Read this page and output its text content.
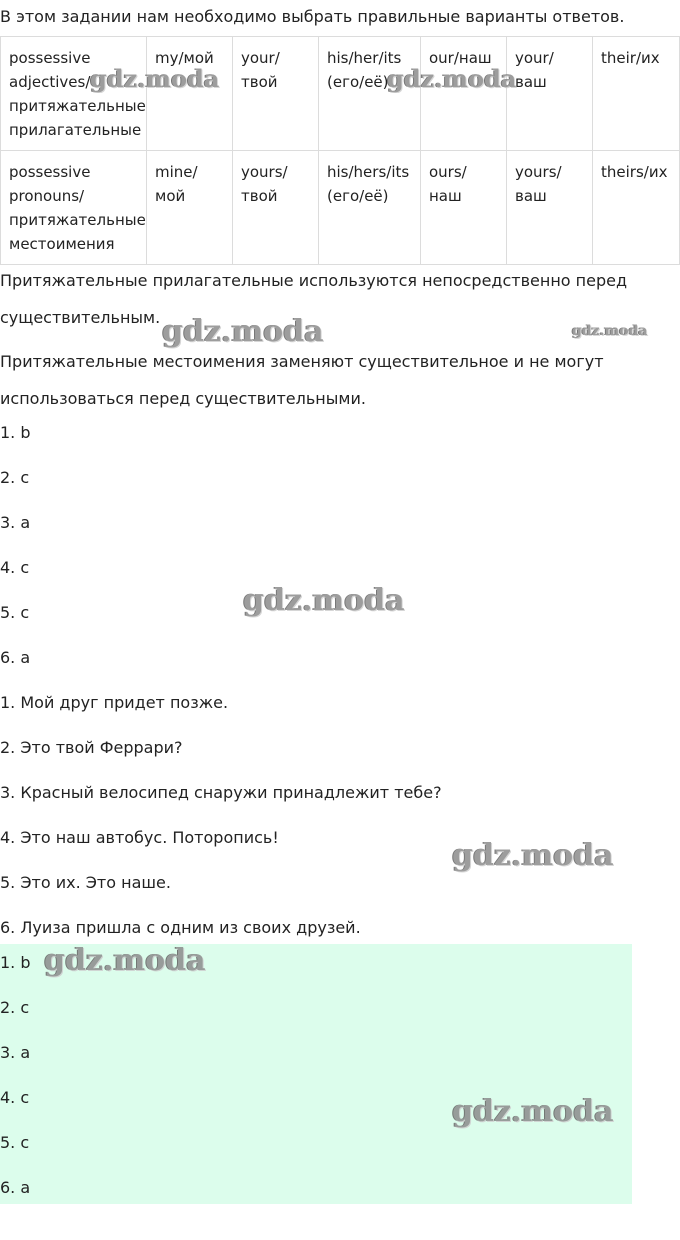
В этом задании нам необходимо выбрать правильные варианты ответов.
possessive adjectives/ притяжательные прилагательные	my/мой	your/ твой	his/her/its (его/её)	our/наш	your/ ваш	their/их
possessive pronouns/ притяжательные местоимения	mine/ мой	yours/ твой	his/hers/its (его/её)	ours/ наш	yours/ ваш	theirs/их
Притяжательные прилагательные используются непосредственно перед существительным.
Притяжательные местоимения заменяют существительное и не могут использоваться перед существительными.
1. b
2. c
3. a
4. c
5. c
6. a
1. Мой друг придет позже.
2. Это твой Феррари?
3. Красный велосипед снаружи принадлежит тебе?
4. Это наш автобус. Поторопись!
5. Это их. Это наше.
6. Луиза пришла с одним из своих друзей.
1. b
2. c
3. a
4. c
5. c
6. a
gdz.moda	gdz.moda
gdz.moda	gdz.moda
gdz.moda
gdz.moda
gdz.moda
gdz.moda
